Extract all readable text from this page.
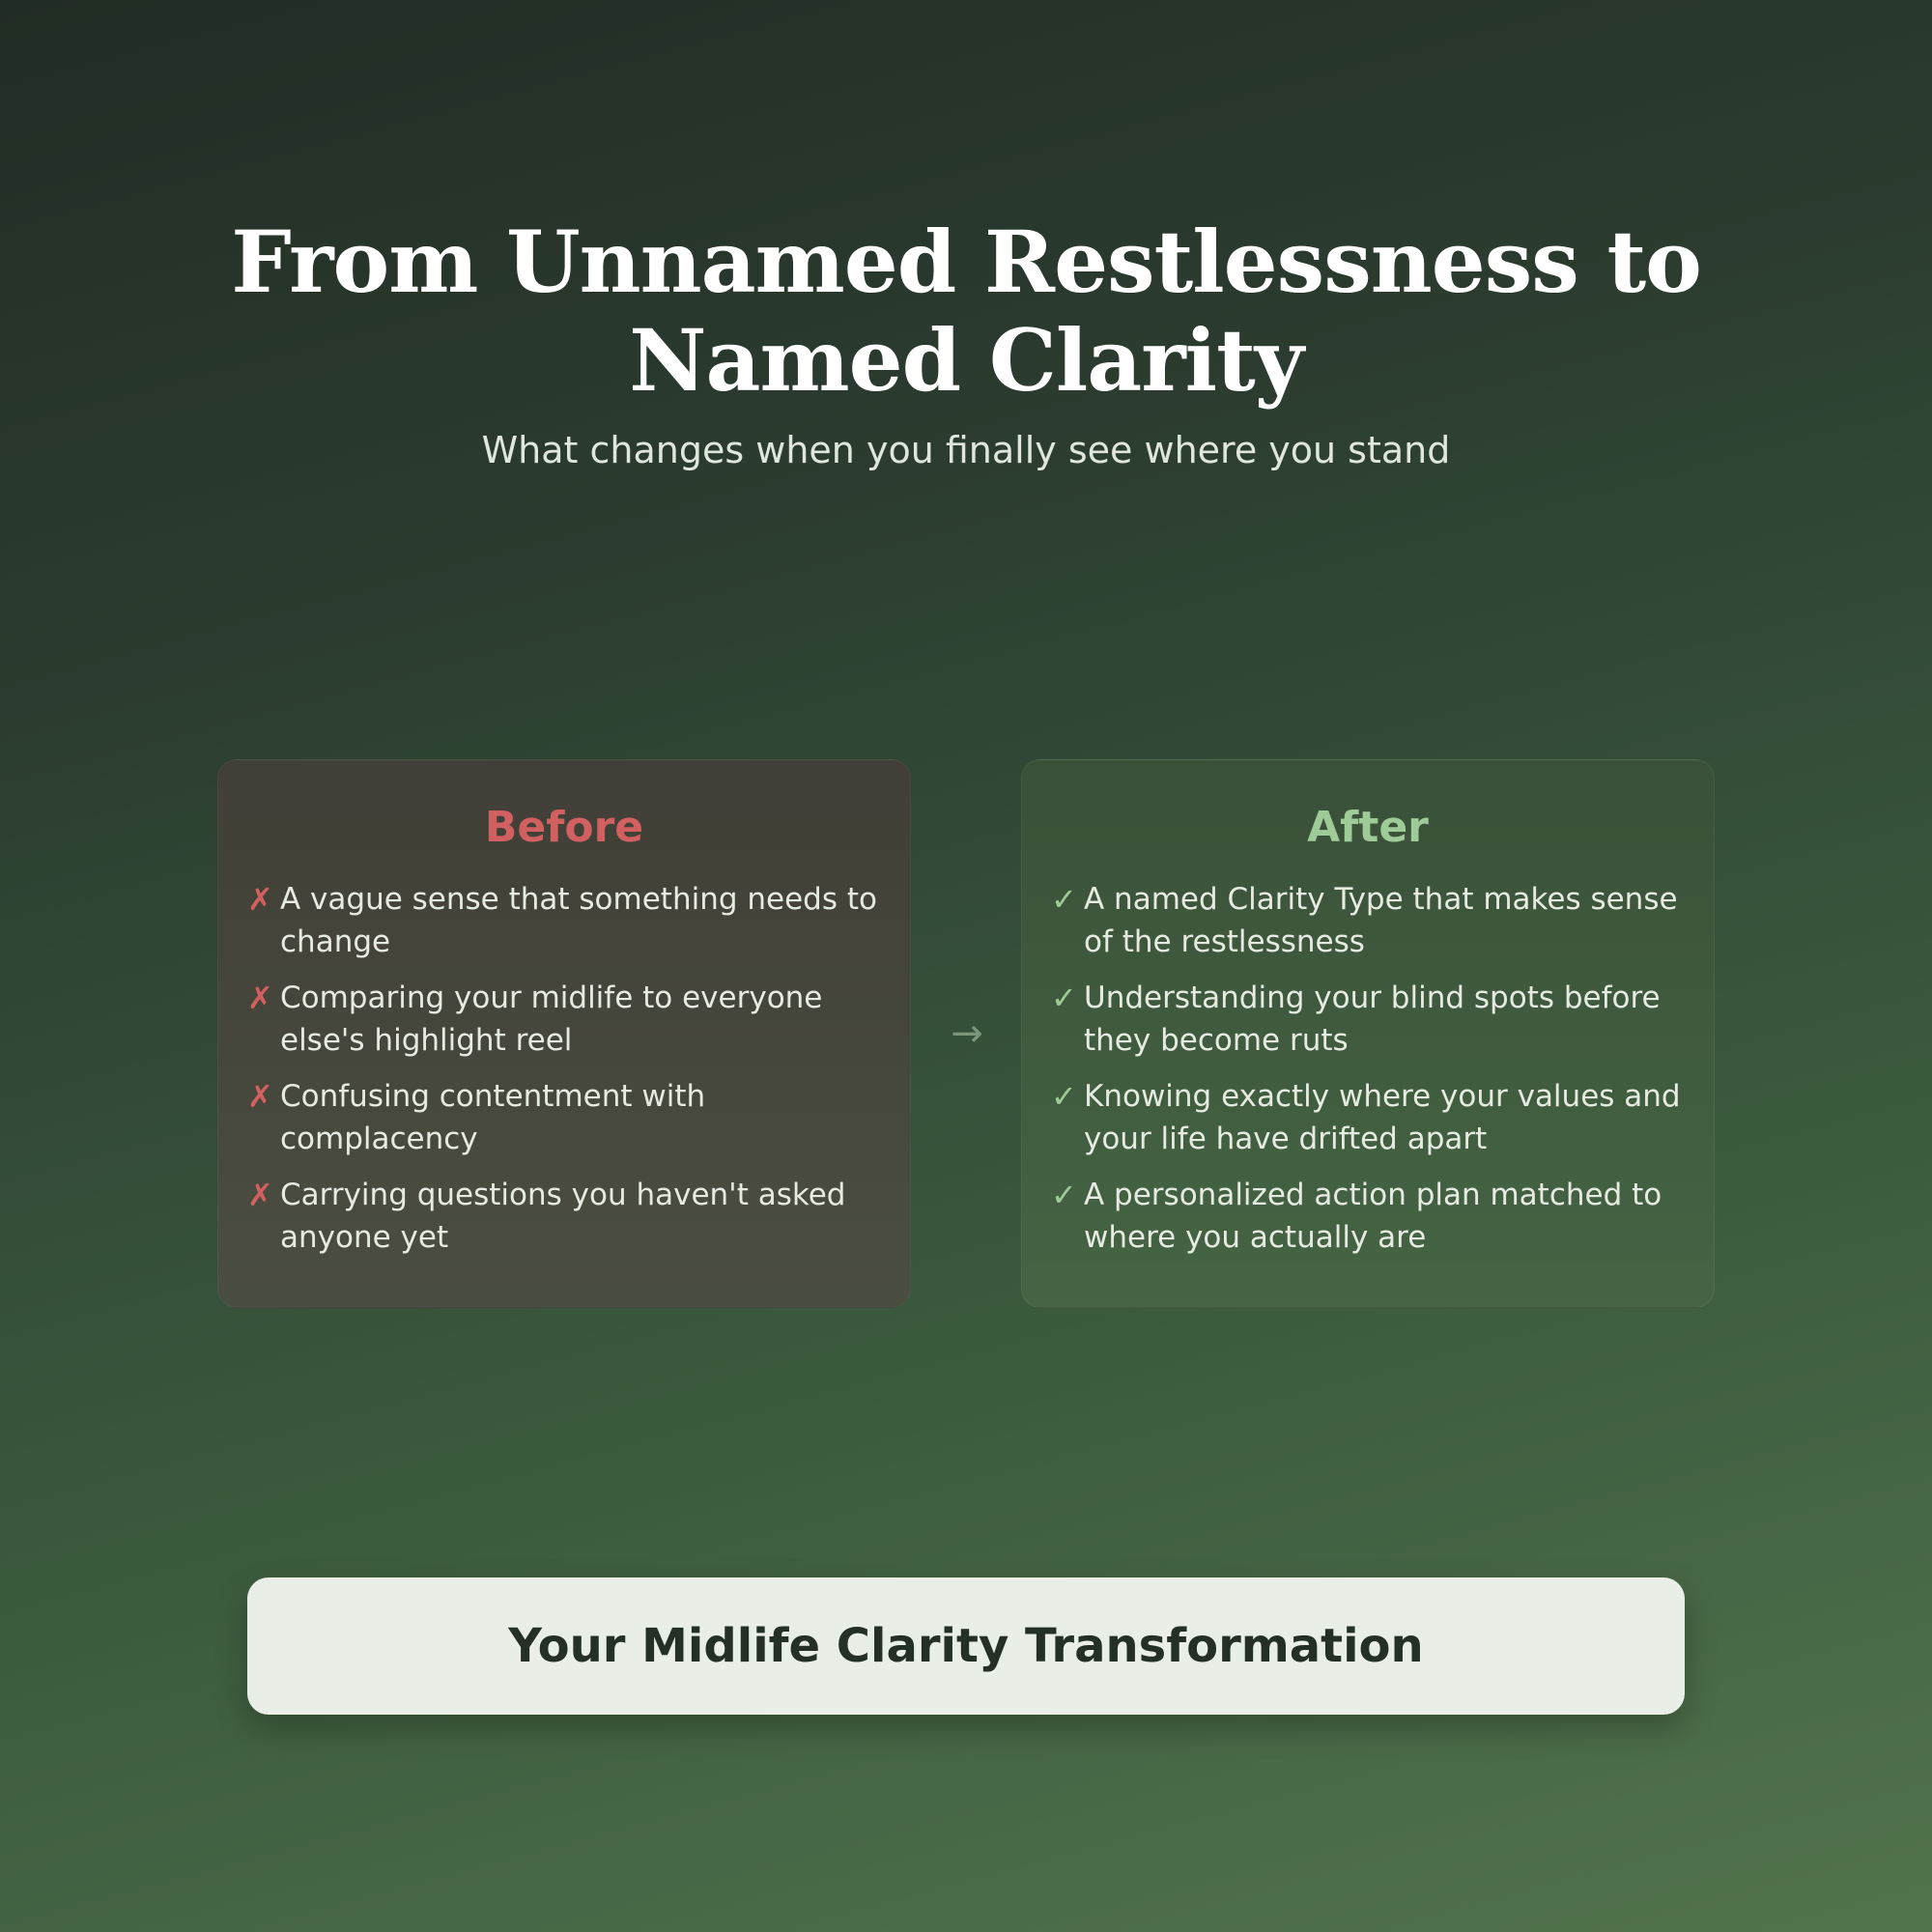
From Unnamed Restlessness to Named Clarity
What changes when you finally see where you stand
Before
✗ A vague sense that something needs to change
✗ Comparing your midlife to everyone else's highlight reel
✗ Confusing contentment with complacency
✗ Carrying questions you haven't asked anyone yet
→
After
✓ A named Clarity Type that makes sense of the restlessness
✓ Understanding your blind spots before they become ruts
✓ Knowing exactly where your values and your life have drifted apart
✓ A personalized action plan matched to where you actually are
Your Midlife Clarity Transformation
